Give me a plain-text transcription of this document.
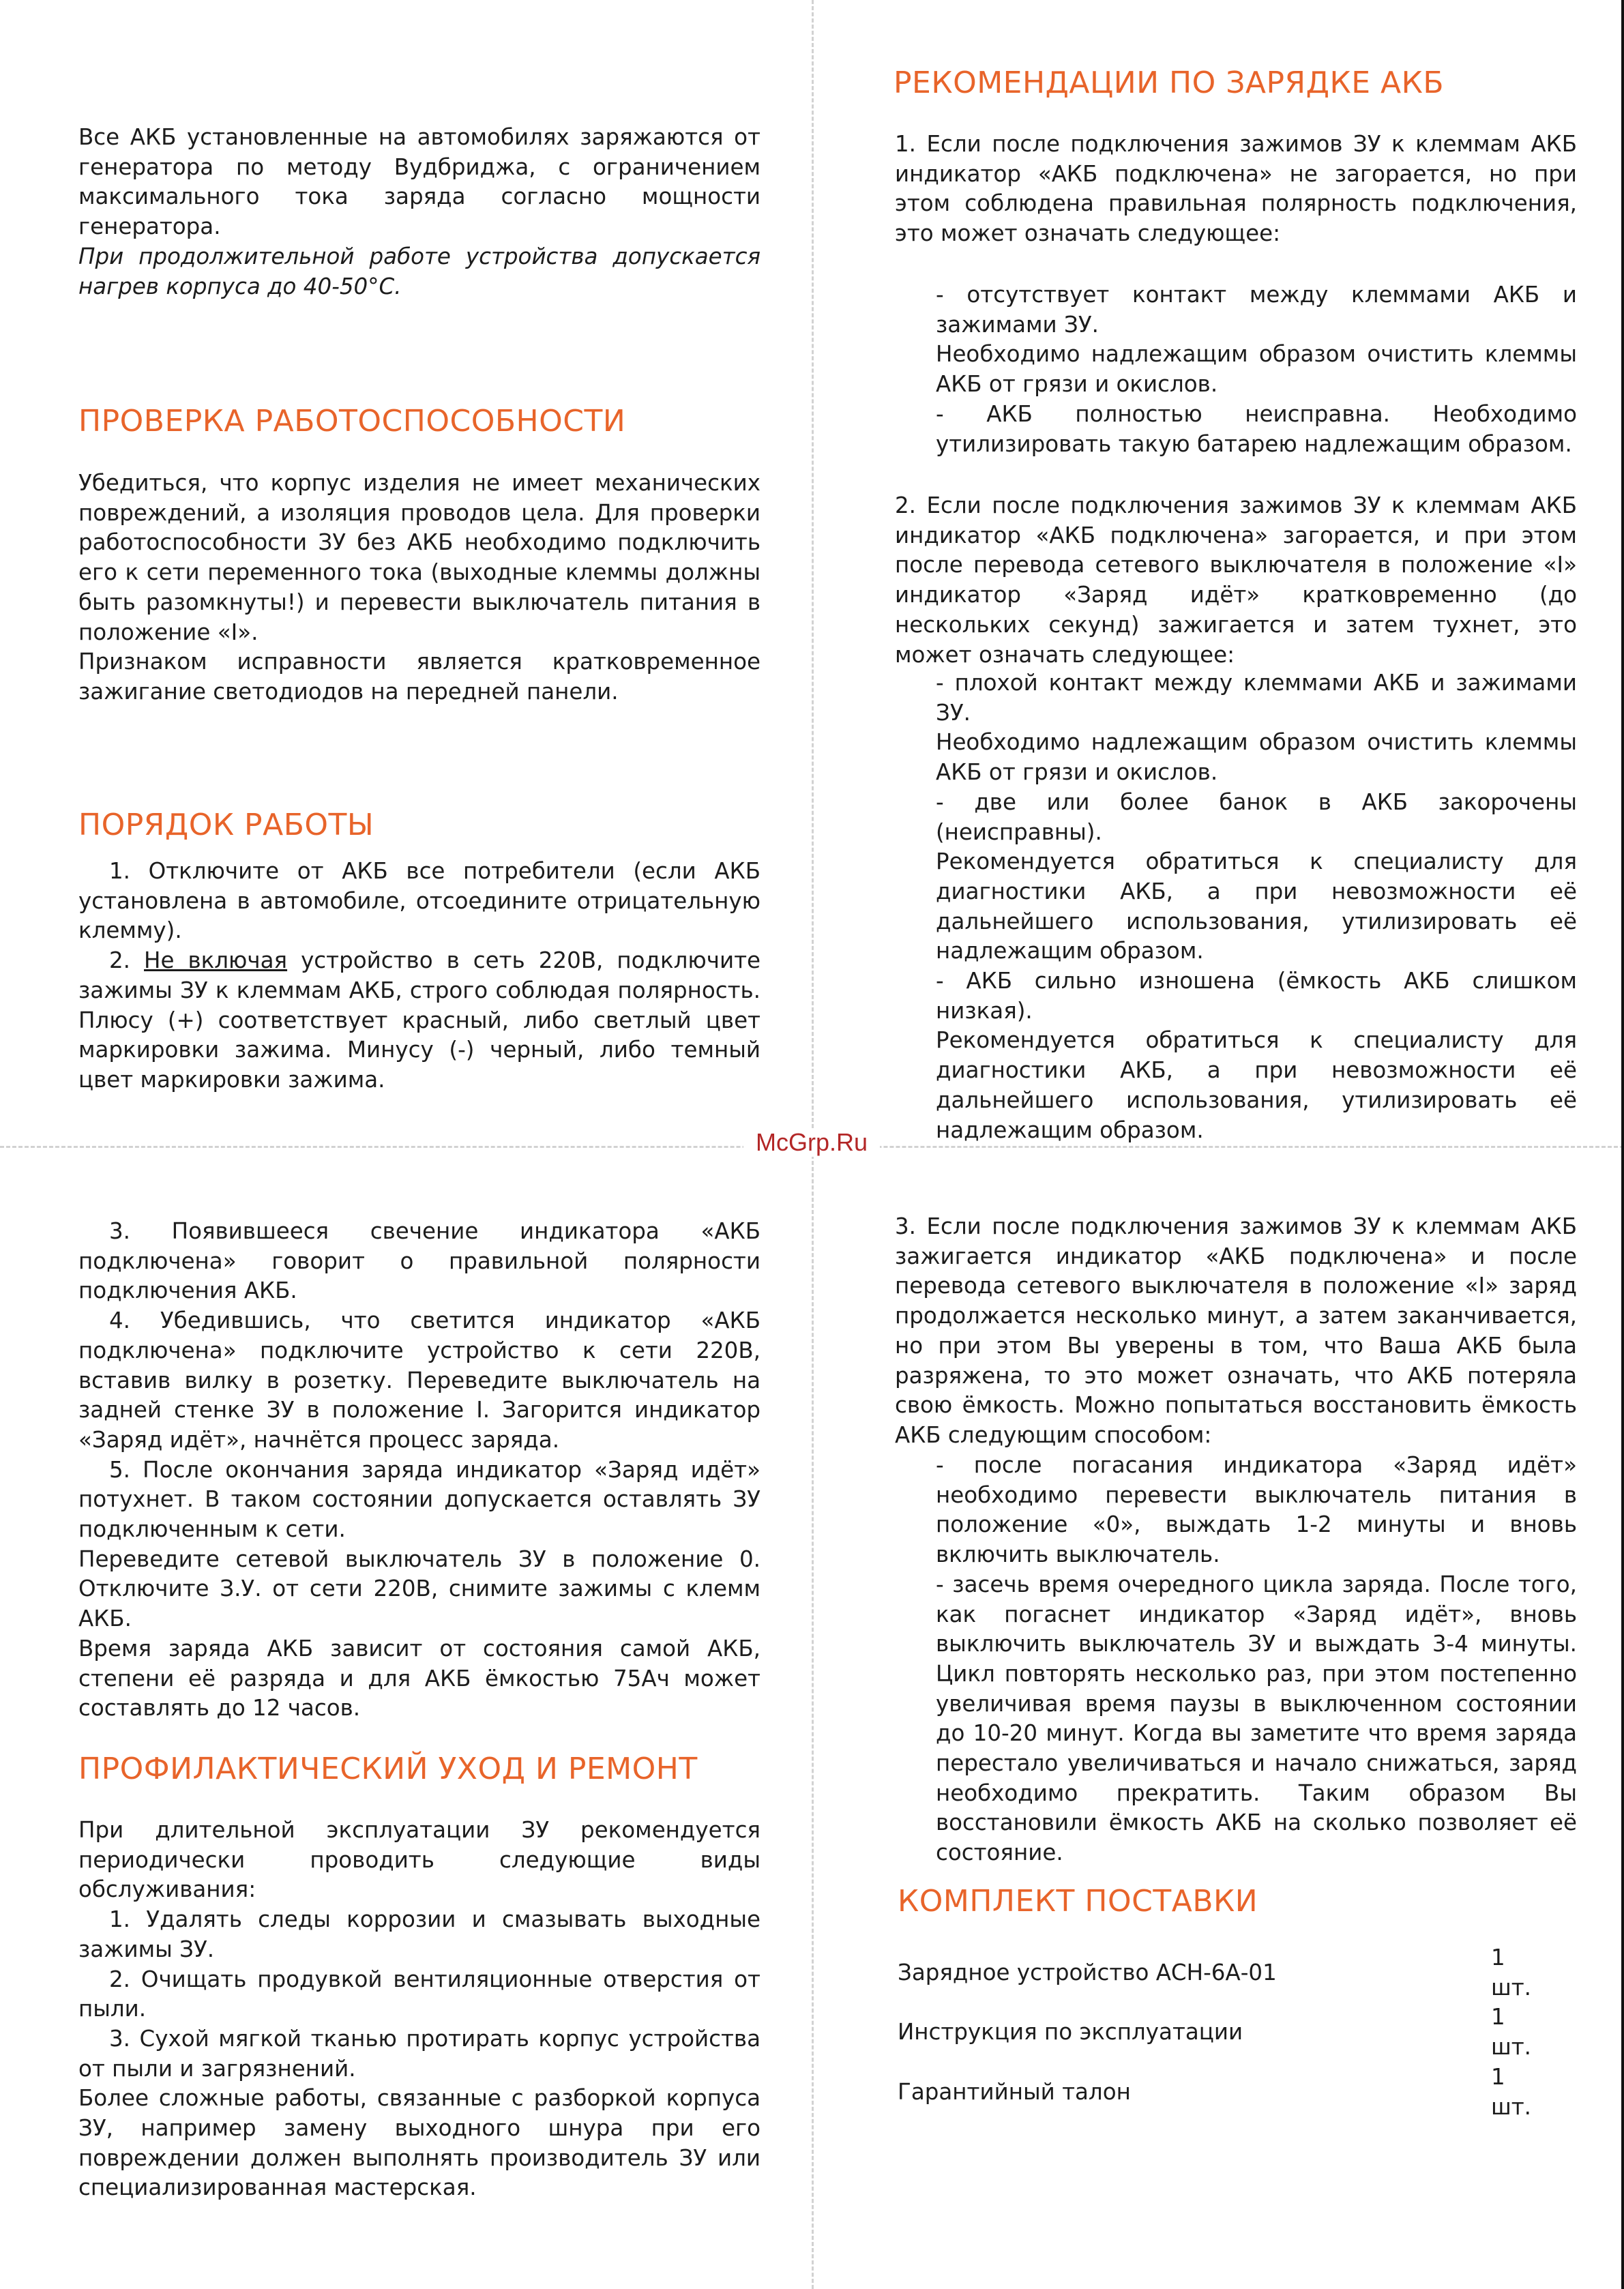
McGrp.Ru

Все АКБ установленные на автомобилях заряжаются от генератора по методу Вудбриджа, с ограничением максимального тока заряда согласно мощности генератора.

При продолжительной работе устройства допускается нагрев корпуса до 40-50°С.

ПРОВЕРКА РАБОТОСПОСОБНОСТИ

Убедиться, что корпус изделия не имеет механических повреждений, а изоляция проводов цела. Для проверки работоспособности ЗУ без АКБ необходимо подключить его к сети переменного тока (выходные клеммы должны быть разомкнуты!) и перевести выключатель питания в положение «I».

Признаком исправности является кратковременное зажигание светодиодов на передней панели.

ПОРЯДОК РАБОТЫ

1. Отключите от АКБ все потребители (если АКБ установлена в автомобиле, отсоедините отрицательную клемму).

2. Не включая устройство в сеть 220В, подключите зажимы ЗУ к клеммам АКБ, строго соблюдая полярность. Плюсу (+) соответствует красный, либо светлый цвет маркировки зажима. Минусу (-) черный, либо темный цвет маркировки зажима.

3. Появившееся свечение индикатора «АКБ подключена» говорит о правильной полярности подключения АКБ.

4. Убедившись, что светится индикатор «АКБ подключена» подключите устройство к сети 220В, вставив вилку в розетку. Переведите выключатель на задней стенке ЗУ в положение I. Загорится индикатор «Заряд идёт», начнётся процесс заряда.

5. После окончания заряда индикатор «Заряд идёт» потухнет. В таком состоянии допускается оставлять ЗУ подключенным к сети.

Переведите сетевой выключатель ЗУ в положение 0. Отключите З.У. от сети 220В, снимите зажимы с клемм АКБ.

Время заряда АКБ зависит от состояния самой АКБ, степени её разряда и для АКБ ёмкостью 75Ач может составлять до 12 часов.

ПРОФИЛАКТИЧЕСКИЙ УХОД И РЕМОНТ

При длительной эксплуатации ЗУ рекомендуется периодически проводить следующие виды обслуживания:

1. Удалять следы коррозии и смазывать выходные зажимы ЗУ.

2. Очищать продувкой вентиляционные отверстия от пыли.

3. Сухой мягкой тканью протирать корпус устройства от пыли и загрязнений.

Более сложные работы, связанные с разборкой корпуса ЗУ, например замену выходного шнура при его повреждении должен выполнять производитель ЗУ или специализированная мастерская.

РЕКОМЕНДАЦИИ ПО ЗАРЯДКЕ АКБ

1. Если после подключения зажимов ЗУ к клеммам АКБ индикатор «АКБ подключена» не загорается, но при этом соблюдена правильная полярность подключения, это может означать следующее:

- отсутствует контакт между клеммами АКБ и зажимами ЗУ.

Необходимо надлежащим образом очистить клеммы АКБ от грязи и окислов.

- АКБ полностью неисправна. Необходимо утилизировать такую батарею надлежащим образом.

2. Если после подключения зажимов ЗУ к клеммам АКБ индикатор «АКБ подключена» загорается, и при этом после перевода сетевого выключателя в положение «I» индикатор «Заряд идёт» кратковременно (до нескольких секунд) зажигается и затем тухнет, это может означать следующее:

- плохой контакт между клеммами АКБ и зажимами ЗУ.

Необходимо надлежащим образом очистить клеммы АКБ от грязи и окислов.

- две или более банок в АКБ закорочены (неисправны).

Рекомендуется обратиться к специалисту для диагностики АКБ, а при невозможности её дальнейшего использования, утилизировать её надлежащим образом.

- АКБ сильно изношена (ёмкость АКБ слишком низкая).

Рекомендуется обратиться к специалисту для диагностики АКБ, а при невозможности её дальнейшего использования, утилизировать её надлежащим образом.

3. Если после подключения зажимов ЗУ к клеммам АКБ зажигается индикатор «АКБ подключена» и после перевода сетевого выключателя в положение «I» заряд продолжается несколько минут, а затем заканчивается, но при этом Вы уверены в том, что Ваша АКБ была разряжена, то это может означать, что АКБ потеряла свою ёмкость. Можно попытаться восстановить ёмкость АКБ следующим способом:

- после погасания индикатора «Заряд идёт» необходимо перевести выключатель питания в положение «0», выждать 1-2 минуты и вновь включить выключатель.

- засечь время очередного цикла заряда. После того, как погаснет индикатор «Заряд идёт», вновь выключить выключатель ЗУ и выждать 3-4 минуты. Цикл повторять несколько раз, при этом постепенно увеличивая время паузы в выключенном состоянии до 10-20 минут. Когда вы заметите что время заряда перестало увеличиваться и начало снижаться, заряд необходимо прекратить. Таким образом Вы восстановили ёмкость АКБ на сколько позволяет её состояние.

КОМПЛЕКТ ПОСТАВКИ
Зарядное устройство АСН-6А-01	1 шт.
Инструкция по эксплуатации	1 шт.
Гарантийный талон	1 шт.
